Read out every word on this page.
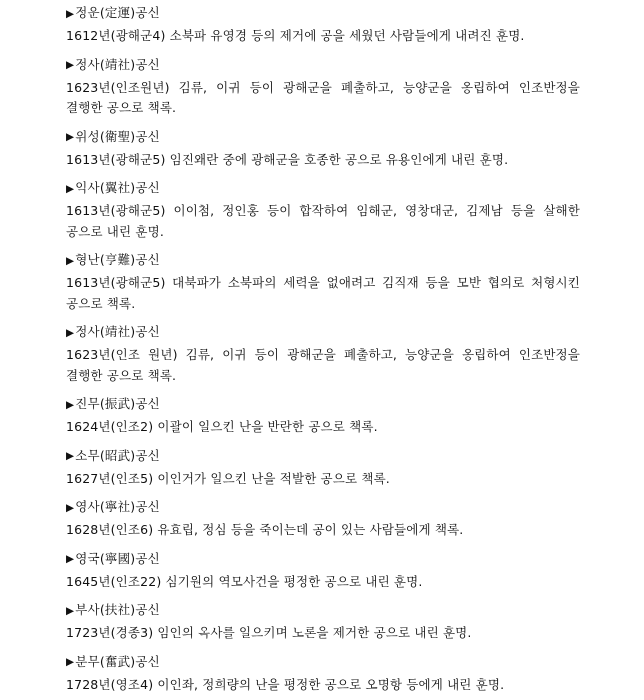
▶정운(定運)공신
1612년(광해군4) 소북파 유영경 등의 제거에 공을 세웠던 사람들에게 내려진 훈명.
▶정사(靖社)공신
1623년(인조원년) 김류, 이귀 등이 광해군을 폐출하고, 능양군을 옹립하여 인조반정을 결행한 공으로 책록.
▶위성(衛聖)공신
1613년(광해군5) 임진왜란 중에 광해군을 호종한 공으로 유용인에게 내린 훈명.
▶익사(翼社)공신
1613년(광해군5) 이이첨, 정인홍 등이 합작하여 임해군, 영창대군, 김제남 등을 살해한 공으로 내린 훈명.
▶형난(亨難)공신
1613년(광해군5) 대북파가 소북파의 세력을 없애려고 김직재 등을 모반 협의로 처형시킨 공으로 책록.
▶정사(靖社)공신
1623년(인조 원년) 김류, 이귀 등이 광해군을 폐출하고, 능양군을 옹립하여 인조반정을 결행한 공으로 책록.
▶진무(振武)공신
1624년(인조2) 이괄이 일으킨 난을 반란한 공으로 책록.
▶소무(昭武)공신
1627년(인조5) 이인거가 일으킨 난을 적발한 공으로 책록.
▶영사(寧社)공신
1628년(인조6) 유효립, 정심 등을 죽이는데 공이 있는 사람들에게 책록.
▶영국(寧國)공신
1645년(인조22) 심기원의 역모사건을 평정한 공으로 내린 훈명.
▶부사(扶社)공신
1723년(경종3) 임인의 옥사를 일으키며 노론을 제거한 공으로 내린 훈명.
▶분무(奮武)공신
1728년(영조4) 이인좌, 정희량의 난을 평정한 공으로 오명항 등에게 내린 훈명.
